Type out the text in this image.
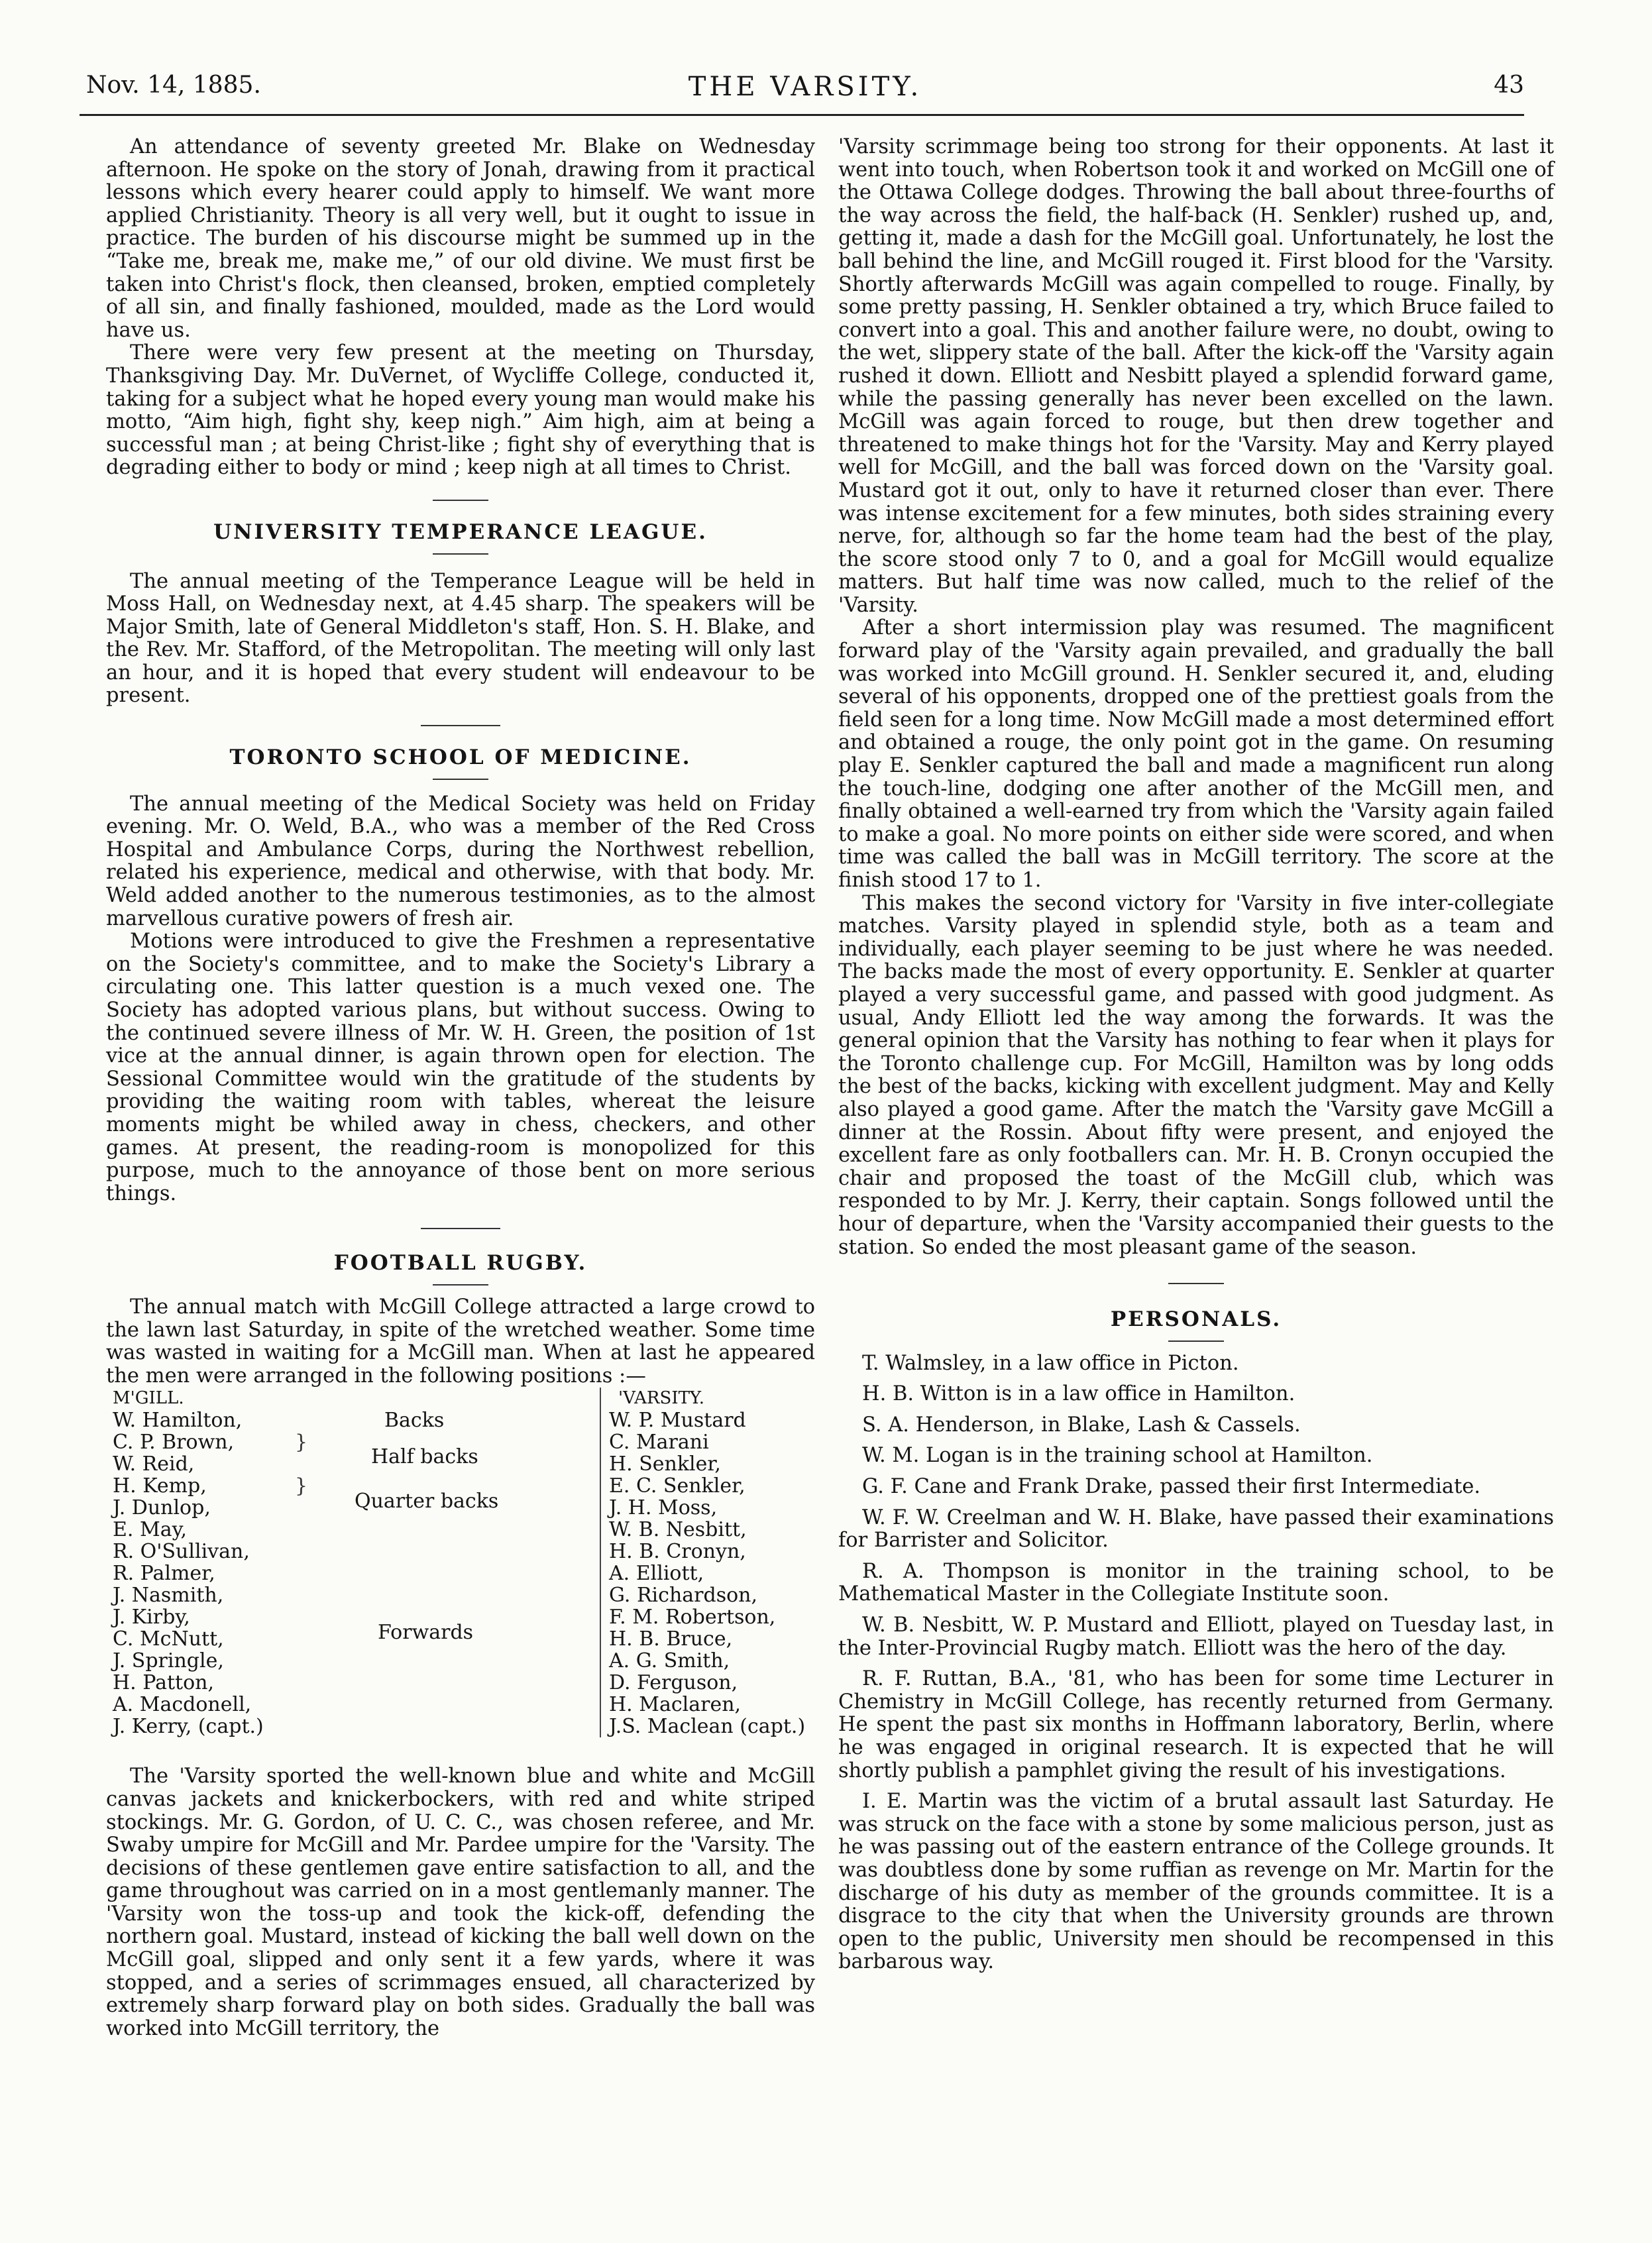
THE VARSITY.
Nov. 14, 1885.	43

An attendance of seventy greeted Mr. Blake on Wednesday afternoon. He spoke on the story of Jonah, drawing from it practical lessons which every hearer could apply to himself. We want more applied Christianity. Theory is all very well, but it ought to issue in practice. The burden of his discourse might be summed up in the “Take me, break me, make me,” of our old divine. We must first be taken into Christ's flock, then cleansed, broken, emptied completely of all sin, and finally fashioned, moulded, made as the Lord would have us.

There were very few present at the meeting on Thursday, Thanksgiving Day. Mr. DuVernet, of Wycliffe College, conducted it, taking for a subject what he hoped every young man would make his motto, “Aim high, fight shy, keep nigh.” Aim high, aim at being a successful man ; at being Christ-like ; fight shy of everything that is degrading either to body or mind ; keep nigh at all times to Christ.

UNIVERSITY TEMPERANCE LEAGUE.

The annual meeting of the Temperance League will be held in Moss Hall, on Wednesday next, at 4.45 sharp. The speakers will be Major Smith, late of General Middleton's staff, Hon. S. H. Blake, and the Rev. Mr. Stafford, of the Metropolitan. The meeting will only last an hour, and it is hoped that every student will endeavour to be present.

TORONTO SCHOOL OF MEDICINE.

The annual meeting of the Medical Society was held on Friday evening. Mr. O. Weld, B.A., who was a member of the Red Cross Hospital and Ambulance Corps, during the Northwest rebellion, related his experience, medical and otherwise, with that body. Mr. Weld added another to the numerous testimonies, as to the almost marvellous curative powers of fresh air.

Motions were introduced to give the Freshmen a representative on the Society's committee, and to make the Society's Library a circulating one. This latter question is a much vexed one. The Society has adopted various plans, but without success. Owing to the continued severe illness of Mr. W. H. Green, the position of 1st vice at the annual dinner, is again thrown open for election. The Sessional Committee would win the gratitude of the students by providing the waiting room with tables, whereat the leisure moments might be whiled away in chess, checkers, and other games. At present, the reading-room is monopolized for this purpose, much to the annoyance of those bent on more serious things.

FOOTBALL RUGBY.

The annual match with McGill College attracted a large crowd to the lawn last Saturday, in spite of the wretched weather. Some time was wasted in waiting for a McGill man. When at last he appeared the men were arranged in the following positions :—

M'GILL.
W. Hamilton,
C. P. Brown,
W. Reid,
H. Kemp,
J. Dunlop,
E. May,
R. O'Sullivan,
R. Palmer,
J. Nasmith,
J. Kirby,
C. McNutt,
J. Springle,
H. Patton,
A. Macdonell,
J. Kerry, (capt.)
}
}
Backs
Half backs
Quarter backs
Forwards
'VARSITY.
W. P. Mustard
C. Marani
H. Senkler,
E. C. Senkler,
J. H. Moss,
W. B. Nesbitt,
H. B. Cronyn,
A. Elliott,
G. Richardson,
F. M. Robertson,
H. B. Bruce,
A. G. Smith,
D. Ferguson,
H. Maclaren,
J.S. Maclean (capt.)

The 'Varsity sported the well-known blue and white and McGill canvas jackets and knickerbockers, with red and white striped stockings. Mr. G. Gordon, of U. C. C., was chosen referee, and Mr. Swaby umpire for McGill and Mr. Pardee umpire for the 'Varsity. The decisions of these gentlemen gave entire satisfaction to all, and the game throughout was carried on in a most gentlemanly manner. The 'Varsity won the toss-up and took the kick-off, defending the northern goal. Mustard, instead of kicking the ball well down on the McGill goal, slipped and only sent it a few yards, where it was stopped, and a series of scrimmages ensued, all characterized by extremely sharp forward play on both sides. Gradually the ball was worked into McGill territory, the

'Varsity scrimmage being too strong for their opponents. At last it went into touch, when Robertson took it and worked on McGill one of the Ottawa College dodges. Throwing the ball about three-fourths of the way across the field, the half-back (H. Senkler) rushed up, and, getting it, made a dash for the McGill goal. Unfortunately, he lost the ball behind the line, and McGill rouged it. First blood for the 'Varsity. Shortly afterwards McGill was again compelled to rouge. Finally, by some pretty passing, H. Senkler obtained a try, which Bruce failed to convert into a goal. This and another failure were, no doubt, owing to the wet, slippery state of the ball. After the kick-off the 'Varsity again rushed it down. Elliott and Nesbitt played a splendid forward game, while the passing generally has never been excelled on the lawn. McGill was again forced to rouge, but then drew together and threatened to make things hot for the 'Varsity. May and Kerry played well for McGill, and the ball was forced down on the 'Varsity goal. Mustard got it out, only to have it returned closer than ever. There was intense excitement for a few minutes, both sides straining every nerve, for, although so far the home team had the best of the play, the score stood only 7 to 0, and a goal for McGill would equalize matters. But half time was now called, much to the relief of the 'Varsity.

After a short intermission play was resumed. The magnificent forward play of the 'Varsity again prevailed, and gradually the ball was worked into McGill ground. H. Senkler secured it, and, eluding several of his opponents, dropped one of the prettiest goals from the field seen for a long time. Now McGill made a most determined effort and obtained a rouge, the only point got in the game. On resuming play E. Senkler captured the ball and made a magnificent run along the touch-line, dodging one after another of the McGill men, and finally obtained a well-earned try from which the 'Varsity again failed to make a goal. No more points on either side were scored, and when time was called the ball was in McGill territory. The score at the finish stood 17 to 1.

This makes the second victory for 'Varsity in five inter-collegiate matches. Varsity played in splendid style, both as a team and individually, each player seeming to be just where he was needed. The backs made the most of every opportunity. E. Senkler at quarter played a very successful game, and passed with good judgment. As usual, Andy Elliott led the way among the forwards. It was the general opinion that the Varsity has nothing to fear when it plays for the Toronto challenge cup. For McGill, Hamilton was by long odds the best of the backs, kicking with excellent judgment. May and Kelly also played a good game. After the match the 'Varsity gave McGill a dinner at the Rossin. About fifty were present, and enjoyed the excellent fare as only footballers can. Mr. H. B. Cronyn occupied the chair and proposed the toast of the McGill club, which was responded to by Mr. J. Kerry, their captain. Songs followed until the hour of departure, when the 'Varsity accompanied their guests to the station. So ended the most pleasant game of the season.

PERSONALS.

T. Walmsley, in a law office in Picton.

H. B. Witton is in a law office in Hamilton.

S. A. Henderson, in Blake, Lash & Cassels.

W. M. Logan is in the training school at Hamilton.

G. F. Cane and Frank Drake, passed their first Intermediate.

W. F. W. Creelman and W. H. Blake, have passed their examinations for Barrister and Solicitor.

R. A. Thompson is monitor in the training school, to be Mathematical Master in the Collegiate Institute soon.

W. B. Nesbitt, W. P. Mustard and Elliott, played on Tuesday last, in the Inter-Provincial Rugby match. Elliott was the hero of the day.

R. F. Ruttan, B.A., '81, who has been for some time Lecturer in Chemistry in McGill College, has recently returned from Germany. He spent the past six months in Hoffmann laboratory, Berlin, where he was engaged in original research. It is expected that he will shortly publish a pamphlet giving the result of his investigations.

I. E. Martin was the victim of a brutal assault last Saturday. He was struck on the face with a stone by some malicious person, just as he was passing out of the eastern entrance of the College grounds. It was doubtless done by some ruffian as revenge on Mr. Martin for the discharge of his duty as member of the grounds committee. It is a disgrace to the city that when the University grounds are thrown open to the public, University men should be recompensed in this barbarous way.
